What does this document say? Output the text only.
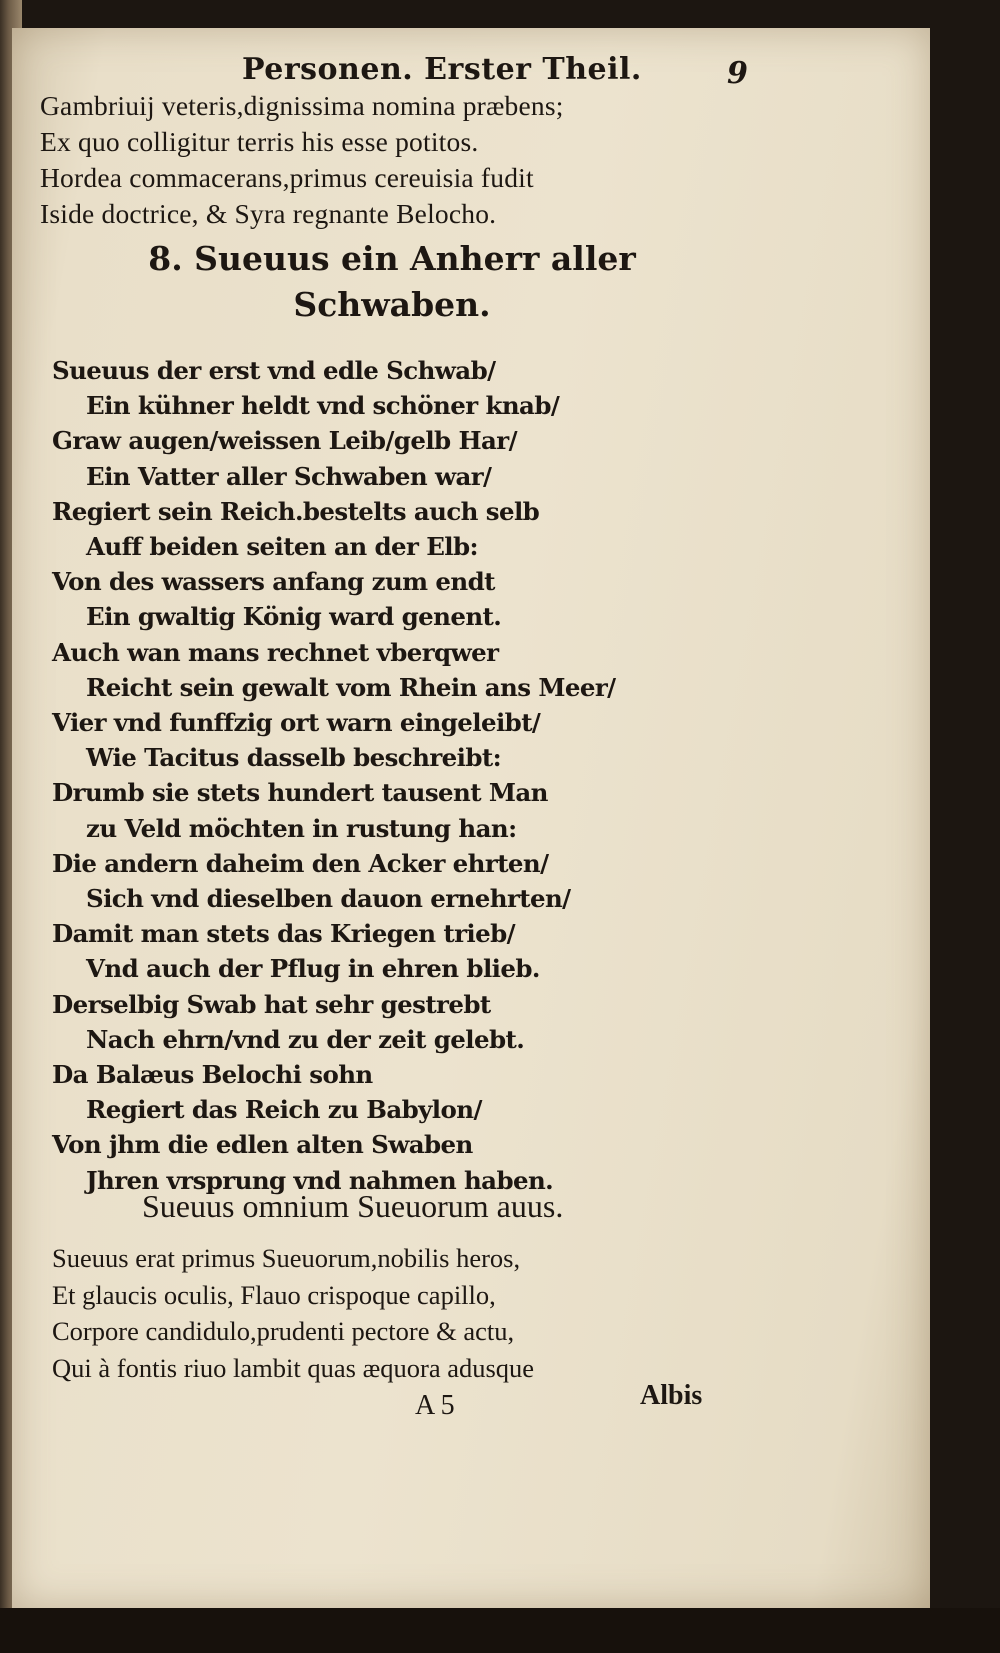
Personen. Erster Theil.	9
Gambriuij veteris,dignissima nomina præbens;
Ex quo colligitur terris his esse potitos.
Hordea commacerans,primus cereuisia fudit
Iside doctrice, & Syra regnante Belocho.
8. Sueuus ein Anherr aller
Schwaben.
Sueuus der erst vnd edle Schwab/
Ein kühner heldt vnd schöner knab/
Graw augen/weissen Leib/gelb Har/
Ein Vatter aller Schwaben war/
Regiert sein Reich.bestelts auch selb
Auff beiden seiten an der Elb:
Von des wassers anfang zum endt
Ein gwaltig König ward genent.
Auch wan mans rechnet vberqwer
Reicht sein gewalt vom Rhein ans Meer/
Vier vnd funffzig ort warn eingeleibt/
Wie Tacitus dasselb beschreibt:
Drumb sie stets hundert tausent Man
zu Veld möchten in rustung han:
Die andern daheim den Acker ehrten/
Sich vnd dieselben dauon ernehrten/
Damit man stets das Kriegen trieb/
Vnd auch der Pflug in ehren blieb.
Derselbig Swab hat sehr gestrebt
Nach ehrn/vnd zu der zeit gelebt.
Da Balæus Belochi sohn
Regiert das Reich zu Babylon/
Von jhm die edlen alten Swaben
Jhren vrsprung vnd nahmen haben.
Sueuus omnium Sueuorum auus.
Sueuus erat primus Sueuorum,nobilis heros,
Et glaucis oculis, Flauo crispoque capillo,
Corpore candidulo,prudenti pectore & actu,
Qui à fontis riuo lambit quas æquora adusque
A 5	Albis
